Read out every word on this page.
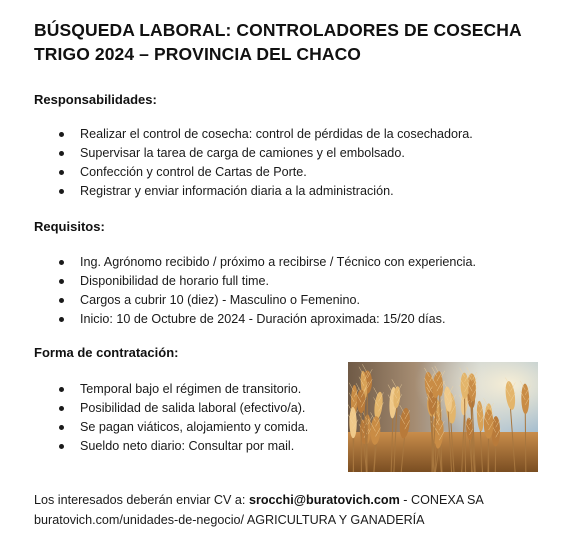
BÚSQUEDA LABORAL: CONTROLADORES DE COSECHA
TRIGO 2024 – PROVINCIA DEL CHACO
Responsabilidades:
Realizar el control de cosecha: control de pérdidas de la cosechadora.
Supervisar la tarea de carga de camiones y el embolsado.
Confección y control de Cartas de Porte.
Registrar y enviar información diaria a la administración.
Requisitos:
Ing. Agrónomo recibido / próximo a recibirse / Técnico con experiencia.
Disponibilidad de horario full time.
Cargos a cubrir 10 (diez) - Masculino o Femenino.
Inicio: 10 de Octubre de 2024 - Duración aproximada: 15/20 días.
Forma de contratación:
Temporal bajo el régimen de transitorio.
Posibilidad de salida laboral (efectivo/a).
Se pagan viáticos, alojamiento y comida.
Sueldo neto diario: Consultar por mail.
Los interesados deberán enviar CV a: srocchi@buratovich.com - CONEXA SA
buratovich.com/unidades-de-negocio/ AGRICULTURA Y GANADERÍA
